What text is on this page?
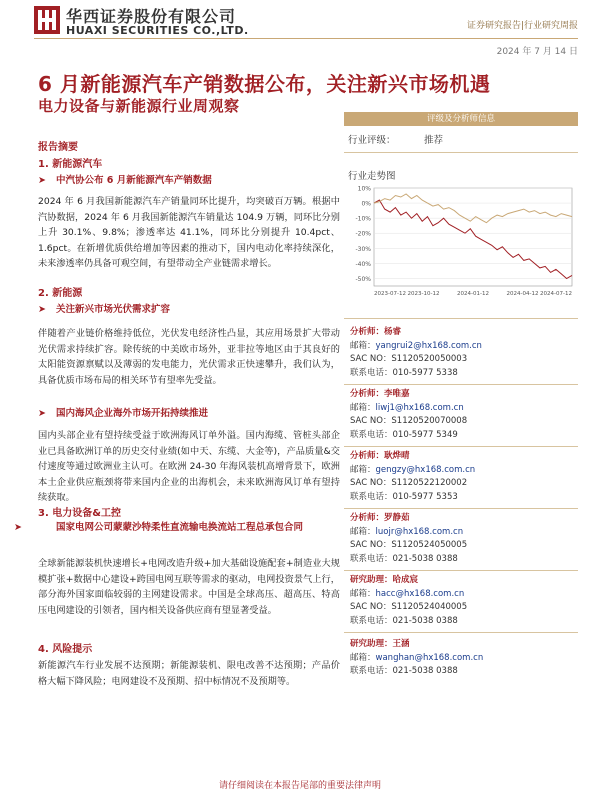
华西证券股份有限公司
HUAXI SECURITIES CO.,LTD.	证券研究报告|行业研究周报
2024 年 7 月 14 日
6 月新能源汽车产销数据公布，关注新兴市场机遇
电力设备与新能源行业周观察
报告摘要
1. 新能源汽车
➤ 中汽协公布 6 月新能源汽车产销数据
2024 年 6 月我国新能源汽车产销量同环比提升，均突破百万辆。根据中汽协数据，2024 年 6 月我国新能源汽车销量达 104.9 万辆，同环比分别上升 30.1%、9.8%；渗透率达 41.1%，同环比分别提升 10.4pct、1.6pct。在新增优质供给增加等因素的推动下，国内电动化率持续深化，未来渗透率仍具备可观空间，有望带动全产业链需求增长。
2. 新能源
➤ 关注新兴市场光伏需求扩容
伴随着产业链价格维持低位，光伏发电经济性凸显，其应用场景扩大带动光伏需求持续扩容。除传统的中美欧市场外，亚非拉等地区由于其良好的太阳能资源禀赋以及薄弱的发电能力，光伏需求正快速攀升，我们认为，具备优质市场布局的相关环节有望率先受益。
➤ 国内海风企业海外市场开拓持续推进
国内头部企业有望持续受益于欧洲海风订单外溢。国内海缆、管桩头部企业已具备欧洲订单的历史交付业绩(如中天、东缆、大金等)，产品质量&交付速度等通过欧洲业主认可。在欧洲 24-30 年海风装机高增背景下，欧洲本土企业供应瓶颈将带来国内企业的出海机会，未来欧洲海风订单有望持续获取。
3. 电力设备&工控
➤	国家电网公司蒙蒙沙特柔性直流输电换流站工程总承包合同
全球新能源装机快速增长+电网改造升级+加大基础设施配套+制造业大规模扩张+数据中心建设+跨国电网互联等需求的驱动，电网投资景气上行，部分海外国家面临较弱的主网建设需求。中国是全球高压、超高压、特高压电网建设的引领者，国内相关设备供应商有望显著受益。
4. 风险提示
新能源汽车行业发展不达预期；新能源装机、限电改善不达预期；产品价格大幅下降风险；电网建设不及预期、招中标情况不及预期等。
评级及分析师信息
行业评级：	推荐
行业走势图
10%
0%
-10%
-20%
-30%
-40%
-50%
2023-07-12 2023-10-12	2024-01-12	2024-04-12 2024-07-12
分析师：杨睿
邮箱：yangrui2@hx168.com.cn
SAC NO：S1120520050003
联系电话：010-5977 5338
分析师：李唯嘉
邮箱：liwj1@hx168.com.cn
SAC NO：S1120520070008
联系电话：010-5977 5349
分析师：耿烨晴
邮箱：gengzy@hx168.com.cn
SAC NO：S1120522120002
联系电话：010-5977 5353
分析师：罗静茹
邮箱：luojr@hx168.com.cn
SAC NO：S1120524050005
联系电话：021-5038 0388
研究助理：哈成宸
邮箱：hacc@hx168.com.cn
SAC NO：S1120524040005
联系电话：021-5038 0388
研究助理：王涵
邮箱：wanghan@hx168.com.cn
联系电话：021-5038 0388
请仔细阅读在本报告尾部的重要法律声明
